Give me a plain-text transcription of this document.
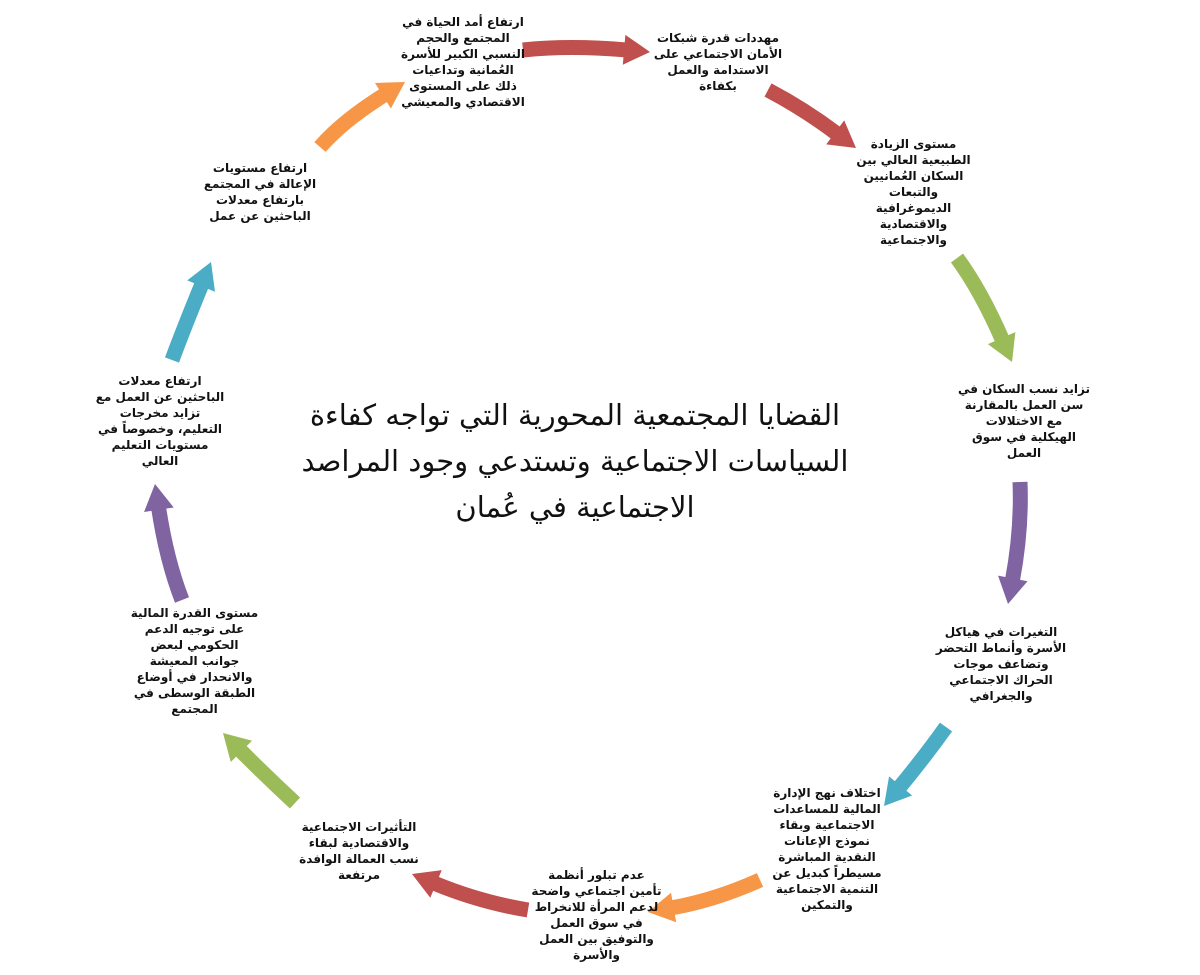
القضايا المجتمعية المحورية التي تواجه كفاءة
السياسات الاجتماعية وتستدعي وجود المراصد
الاجتماعية في عُمان
ارتفاع أمد الحياة في
المجتمع والحجم
النسبي الكبير للأسرة
العُمانية وتداعيات
ذلك على المستوى
الاقتصادي والمعيشي
مهددات قدرة شبكات
الأمان الاجتماعي على
الاستدامة والعمل
بكفاءة
مستوى الزيادة
الطبيعية العالي بين
السكان العُمانيين
والتبعات
الديموغرافية
والاقتصادية
والاجتماعية
تزايد نسب السكان في
سن العمل بالمقارنة
مع الاختلالات
الهيكلية في سوق
العمل
التغيرات في هياكل
الأسرة وأنماط التحضر
وتضاعف موجات
الحراك الاجتماعي
والجغرافي
اختلاف نهج الإدارة
المالية للمساعدات
الاجتماعية وبقاء
نموذج الإعانات
النقدية المباشرة
مسيطراً كبديل عن
التنمية الاجتماعية
والتمكين
عدم تبلور أنظمة
تأمين اجتماعي واضحة
لدعم المرأة للانخراط
في سوق العمل
والتوفيق بين العمل
والأسرة
التأثيرات الاجتماعية
والاقتصادية لبقاء
نسب العمالة الوافدة
مرتفعة
مستوى القدرة المالية
على توجيه الدعم
الحكومي لبعض
جوانب المعيشة
والانحدار في أوضاع
الطبقة الوسطى في
المجتمع
ارتفاع معدلات
الباحثين عن العمل مع
تزايد مخرجات
التعليم، وخصوصاً في
مستويات التعليم
العالي
ارتفاع مستويات
الإعالة في المجتمع
بارتفاع معدلات
الباحثين عن عمل
